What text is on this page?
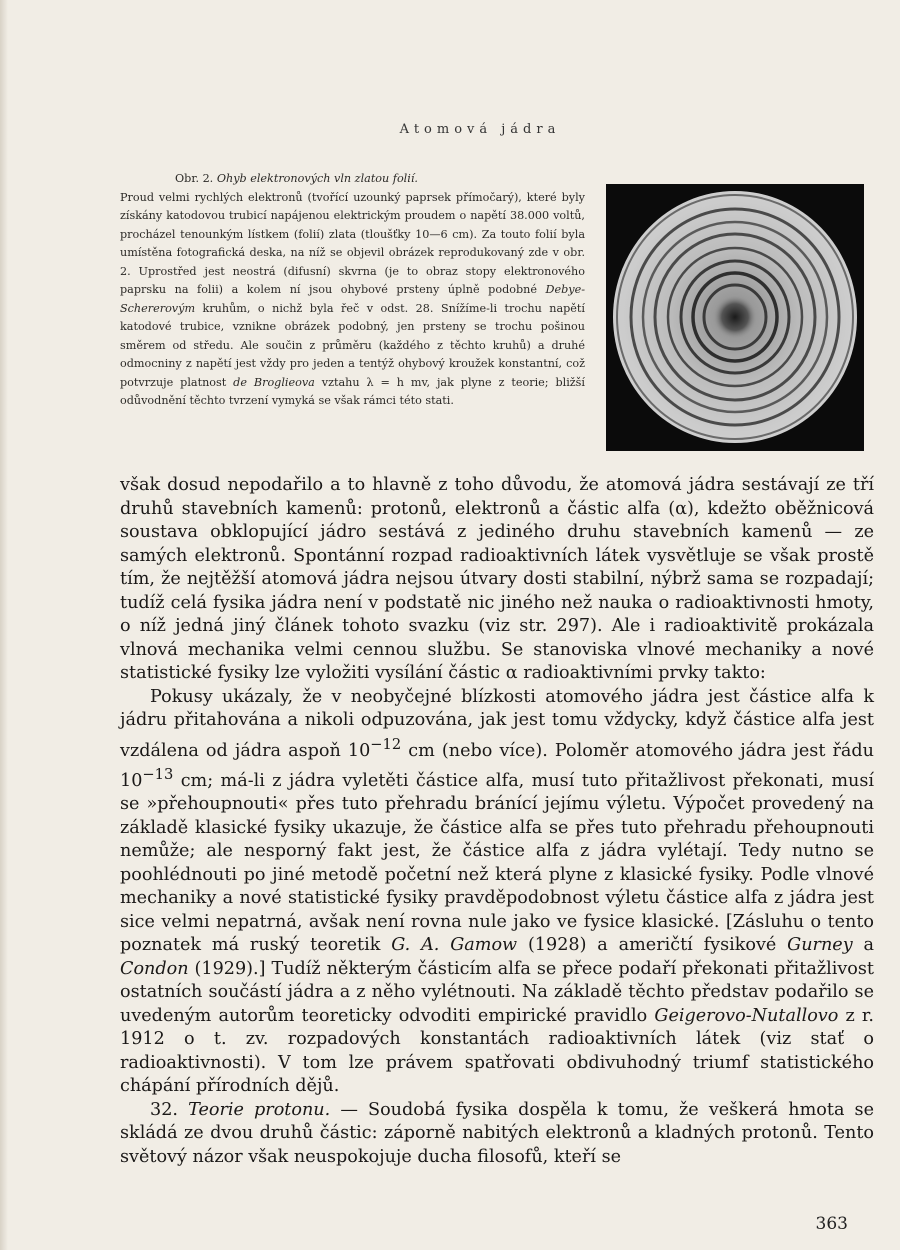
Atomová jádra
Obr. 2. Ohyb elektronových vln zlatou folií.
Proud velmi rychlých elektronů (tvořící uzounký paprsek přímočarý), které byly získány katodovou trubicí napájenou elektrickým proudem o napětí 38.000 voltů, procházel tenounkým lístkem (folií) zlata (tloušťky 10—6 cm). Za touto folií byla umístěna fotografická deska, na níž se objevil obrázek reprodukovaný zde v obr. 2. Uprostřed jest neostrá (difusní) skvrna (je to obraz stopy elektronového paprsku na folii) a kolem ní jsou ohybové prsteny úplně podobné Debye-Schererovým kruhům, o nichž byla řeč v odst. 28. Snížíme-li trochu napětí katodové trubice, vznikne obrázek podobný, jen prsteny se trochu pošinou směrem od středu. Ale součin z průměru (každého z těchto kruhů) a druhé odmocniny z napětí jest vždy pro jeden a tentýž ohybový kroužek konstantní, což potvrzuje platnost de Broglieova vztahu λ = h mv, jak plyne z teorie; bližší odůvodnění těchto tvrzení vymyká se však rámci této stati.

však dosud nepodařilo a to hlavně z toho důvodu, že atomová jádra sestávají ze tří druhů stavebních kamenů: protonů, elektronů a částic alfa (α), kdežto oběžnicová soustava obklopující jádro sestává z jediného druhu stavebních kamenů — ze samých elektronů. Spontánní rozpad radioaktivních látek vysvětluje se však prostě tím, že nejtěžší atomová jádra nejsou útvary dosti stabilní, nýbrž sama se rozpadají; tudíž celá fysika jádra není v podstatě nic jiného než nauka o radioaktivnosti hmoty, o níž jedná jiný článek tohoto svazku (viz str. 297). Ale i radioaktivitě prokázala vlnová mechanika velmi cennou službu. Se stanoviska vlnové mechaniky a nové statistické fysiky lze vyložiti vysílání částic α radioaktivními prvky takto:

Pokusy ukázaly, že v neobyčejné blízkosti atomového jádra jest částice alfa k jádru přitahována a nikoli odpuzována, jak jest tomu vždycky, když částice alfa jest vzdálena od jádra aspoň $10^{-12}$ cm (nebo více). Poloměr atomového jádra jest řádu $10^{-13}$ cm; má-li z jádra vyletěti částice alfa, musí tuto přitažlivost překonati, musí se »přehoupnouti« přes tuto přehradu bránící jejímu výletu. Výpočet provedený na základě klasické fysiky ukazuje, že částice alfa se přes tuto přehradu přehoupnouti nemůže; ale nesporný fakt jest, že částice alfa z jádra vylétají. Tedy nutno se poohlédnouti po jiné metodě početní než která plyne z klasické fysiky. Podle vlnové mechaniky a nové statistické fysiky pravděpodobnost výletu částice alfa z jádra jest sice velmi nepatrná, avšak není rovna nule jako ve fysice klasické. [Zásluhu o tento poznatek má ruský teoretik G. A. Gamow (1928) a američtí fysikové Gurney a Condon (1929).] Tudíž některým částicím alfa se přece podaří překonati přitažlivost ostatních součástí jádra a z něho vylétnouti. Na základě těchto představ podařilo se uvedeným autorům teoreticky odvoditi empirické pravidlo Geigerovo-Nutallovo z r. 1912 o t. zv. rozpadových konstantách radioaktivních látek (viz stať o radioaktivnosti). V tom lze právem spatřovati obdivuhodný triumf statistického chápání přírodních dějů.

32. Teorie protonu. — Soudobá fysika dospěla k tomu, že veškerá hmota se skládá ze dvou druhů částic: záporně nabitých elektronů a kladných protonů. Tento světový názor však neuspokojuje ducha filosofů, kteří se

363
